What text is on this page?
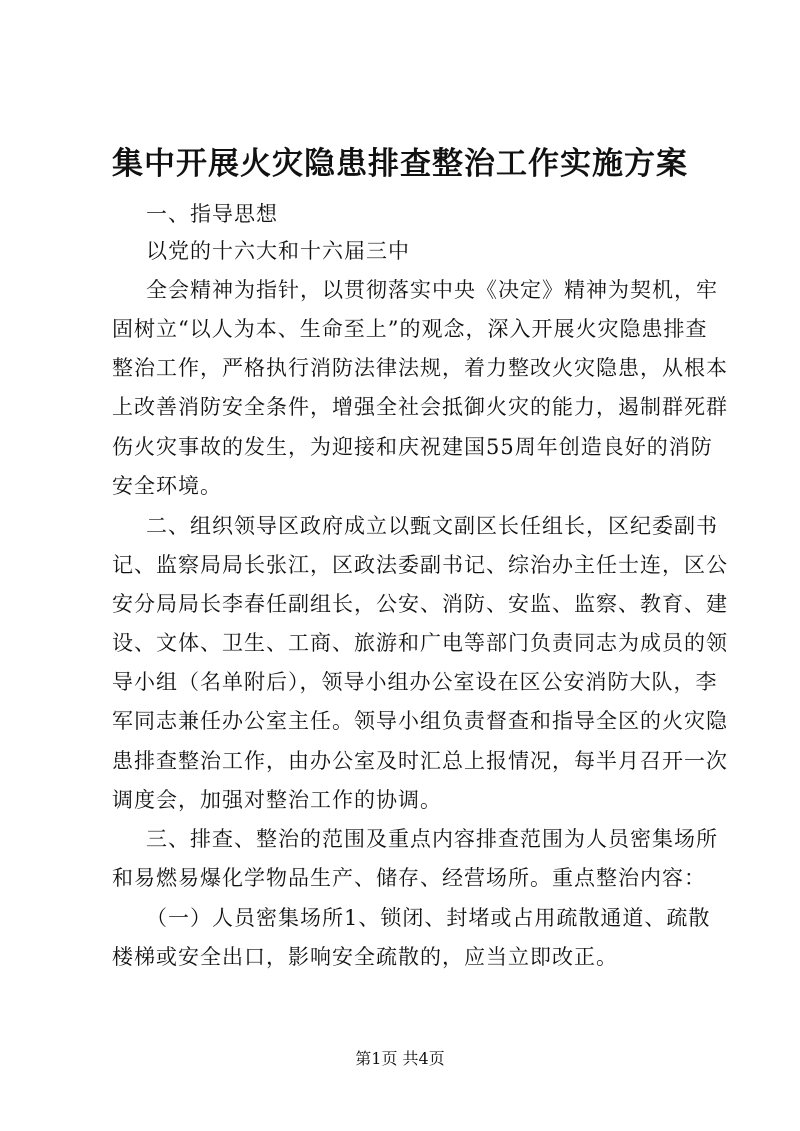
集中开展火灾隐患排查整治工作实施方案
一、指导思想
以党的十六大和十六届三中
全会精神为指针，以贯彻落实中央《决定》精神为契机，牢
固树立“以人为本、生命至上”的观念，深入开展火灾隐患排查
整治工作，严格执行消防法律法规，着力整改火灾隐患，从根本
上改善消防安全条件，增强全社会抵御火灾的能力，遏制群死群
伤火灾事故的发生，为迎接和庆祝建国55周年创造良好的消防
安全环境。
二、组织领导区政府成立以甄文副区长任组长，区纪委副书
记、监察局局长张江，区政法委副书记、综治办主任士连，区公
安分局局长李春任副组长，公安、消防、安监、监察、教育、建
设、文体、卫生、工商、旅游和广电等部门负责同志为成员的领
导小组（名单附后），领导小组办公室设在区公安消防大队，李
军同志兼任办公室主任。领导小组负责督查和指导全区的火灾隐
患排查整治工作，由办公室及时汇总上报情况，每半月召开一次
调度会，加强对整治工作的协调。
三、排查、整治的范围及重点内容排查范围为人员密集场所
和易燃易爆化学物品生产、储存、经营场所。重点整治内容：
（一）人员密集场所1、锁闭、封堵或占用疏散通道、疏散
楼梯或安全出口，影响安全疏散的，应当立即改正。
第1页 共4页
